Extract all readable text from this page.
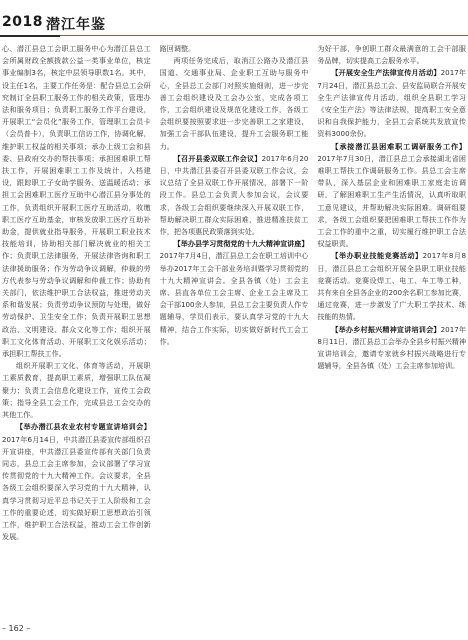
2018 潜江年鉴

心、潜江县总工会职工服务中心为潜江县总工会所属财政全额拨款公益一类事业单位，核定事业编制3名，核定中层领导职数1名。其中，设主任1名，主要工作任务是：配合县总工会研究制订全县职工服务工作的相关政策，管理办法和服务项目；负责职工服务工作平台建设，开展职工“会员化”服务工作，管理职工会员卡（会员普卡），负责职工信访工作，协调化解，维护职工权益的相关事项；承办上级工会和县委、县政府交办的帮扶事项；承担困难职工帮扶工作，开展困难职工工作及统计、入档建设，跟踪职工子女助学服务、送温暖活动；承担工会困难职工医疗互助中心潜江县分事处的工作，负责组织开展职工医疗互助活动，收缴职工医疗互助基金，审核发放职工医疗互助补助金，提供就业指导服务，开展职工职业技术技能培训，协助相关部门解决就业的相关工作；负责职工法律服务，开展法律咨询和职工法律援助服务；作为劳动争议调解，仲裁的劳方代表参与劳动争议调解和仲裁工作；协助有关部门，依法维护职工合法权益，推进劳动关系和谐发展；负责劳动争议预防与处理，做好劳动保护、卫生安全工作；负责开展职工思想政治、文明建设、群众文化等工作；组织开展职工文化体育活动、开展职工文化娱乐活动；承担职工帮扶工作。

组织开展职工文化、体育等活动，开展职工素质教育，提高职工素质，增强职工队伍凝聚力；负责工会信息化建设工作，宣传工会政策；指导全县工会工作，完成县总工会交办的其他工作。

【举办潜江县农业农村专题宣讲培训会】2017年6月14日，中共潜江县委宣传部组织召开宣讲座，中共潜江县委宣传部有关部门负责同志，县总工会主席参加，会议部署了学习宣传贯彻党的十九大精神工作。会议要求，全县各级工会组织要深入学习党的十九大精神，认真学习贯彻习近平总书记关于工人阶级和工会工作的重要论述，切实做好职工思想政治引领工作，维护职工合法权益，推动工会工作创新发展。

路回调整。

两项任务完成后，取消江公路办及潜江县国道、交通事业局、企业职工互助与服务中心，全县总工会部门对照实施细则，进一步完善工会组织建设及工会办公室，完成各项工作，工会组织建设及规范化建设工作，各级工会组织要按照要求进一步完善职工之家建设，加强工会干部队伍建设，提升工会服务职工能力。

【召开县委双联工作会议】2017年6月20日，中共潜江县委召开县委双联工作会议，会议总结了全县双联工作开展情况，部署下一阶段工作。县总工会负责人参加会议，会议要求，各级工会组织要继续深入开展双联工作，帮助解决职工群众实际困难，推进精准扶贫工作，把各项惠民政策落到实处。

【举办县学习贯彻党的十九大精神宣讲座】2017年7月4日，潜江县总工会在职工培训中心举办2017年工会干部业务培训暨学习贯彻党的十九大精神宣讲会。全县各镇（处）工会主席、县直各单位工会主席、企业工会主席及工会干部100余人参加，县总工会主要负责人作专题辅导，学员们表示，要认真学习党的十九大精神，结合工作实际，切实做好新时代工会工作。

为好干部，争创职工群众最满意的工会干部服务品牌，切实提高工会服务水平。

【开展安全生产法律宣传月活动】2017年7月24日，潜江县总工会、县安监局联合开展安全生产法律宣传月活动，组织全县职工学习《安全生产法》等法律法规，提高职工安全意识和自我保护能力，全县工会系统共发放宣传资料3000余份。

【承接潜江县困难职工调研服务工作】2017年7月30日，潜江县总工会承接湖北省困难职工帮扶工作调研服务工作。县总工会主席带队，深入基层企业和困难职工家庭走访调研，了解困难职工生产生活情况，认真听取职工意见建议，并帮助解决实际困难。调研组要求，各级工会组织要把困难职工帮扶工作作为工会工作的重中之重，切实履行维护职工合法权益职责。

【举办职业技能竞赛活动】2017年8月8日，潜江县总工会组织开展全县职工职业技能竞赛活动。竞赛设焊工、电工、车工等工种，共有来自全县各企业的200余名职工参加比赛，通过竞赛，进一步激发了广大职工学技术、练技能的热情。

【举办乡村振兴精神宣讲培训会】2017年8月11日，潜江县总工会举办全县乡村振兴精神宣讲培训会，邀请专家就乡村振兴战略进行专题辅导，全县各镇（处）工会主席参加培训。

– 162 –
